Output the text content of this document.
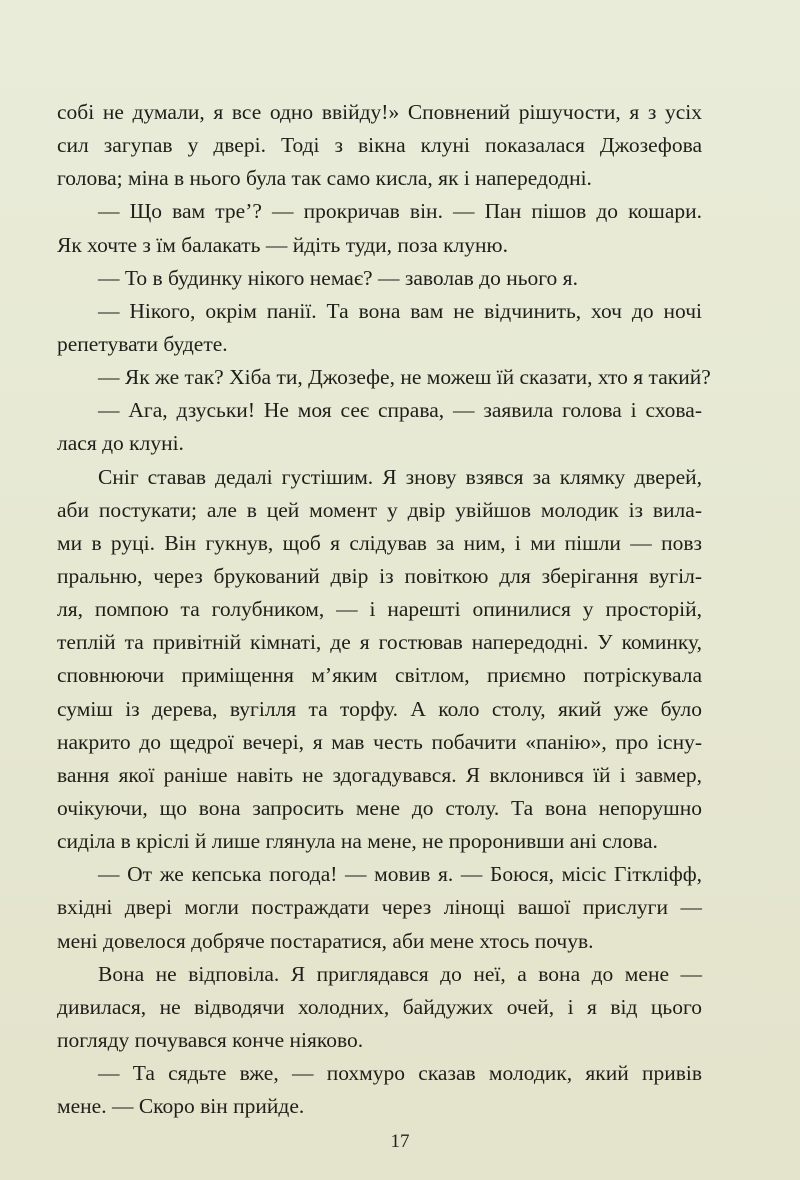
собі не думали, я все одно ввійду!» Сповнений рішучости, я з усіх
сил загупав у двері. Тоді з вікна клуні показалася Джозефова
голова; міна в нього була так само кисла, як і напередодні.
— Що вам тре’? — прокричав він. — Пан пішов до кошари.
Як хочте з їм балакать — йдіть туди, поза клуню.
— То в будинку нікого немає? — заволав до нього я.
— Нікого, окрім панії. Та вона вам не відчинить, хоч до ночі
репетувати будете.
— Як же так? Хіба ти, Джозефе, не можеш їй сказати, хто я такий?
— Ага, дзуськи! Не моя сеє справа, — заявила голова і схова-
лася до клуні.
Сніг ставав дедалі густішим. Я знову взявся за клямку дверей,
аби постукати; але в цей момент у двір увійшов молодик із вила-
ми в руці. Він гукнув, щоб я слідував за ним, і ми пішли — повз
пральню, через брукований двір із повіткою для зберігання вугіл-
ля, помпою та голубником, — і нарешті опинилися у просторій,
теплій та привітній кімнаті, де я гостював напередодні. У коминку,
сповнюючи приміщення м’яким світлом, приємно потріскувала
суміш із дерева, вугілля та торфу. А коло столу, який уже було
накрито до щедрої вечері, я мав честь побачити «панію», про існу-
вання якої раніше навіть не здогадувався. Я вклонився їй і завмер,
очікуючи, що вона запросить мене до столу. Та вона непорушно
сиділа в кріслі й лише глянула на мене, не проронивши ані слова.
— От же кепська погода! — мовив я. — Боюся, місіс Гіткліфф,
вхідні двері могли постраждати через лінощі вашої прислуги —
мені довелося добряче постаратися, аби мене хтось почув.
Вона не відповіла. Я приглядався до неї, а вона до мене —
дивилася, не відводячи холодних, байдужих очей, і я від цього
погляду почувався конче ніяково.
— Та сядьте вже, — похмуро сказав молодик, який привів
мене. — Скоро він прийде.
17
